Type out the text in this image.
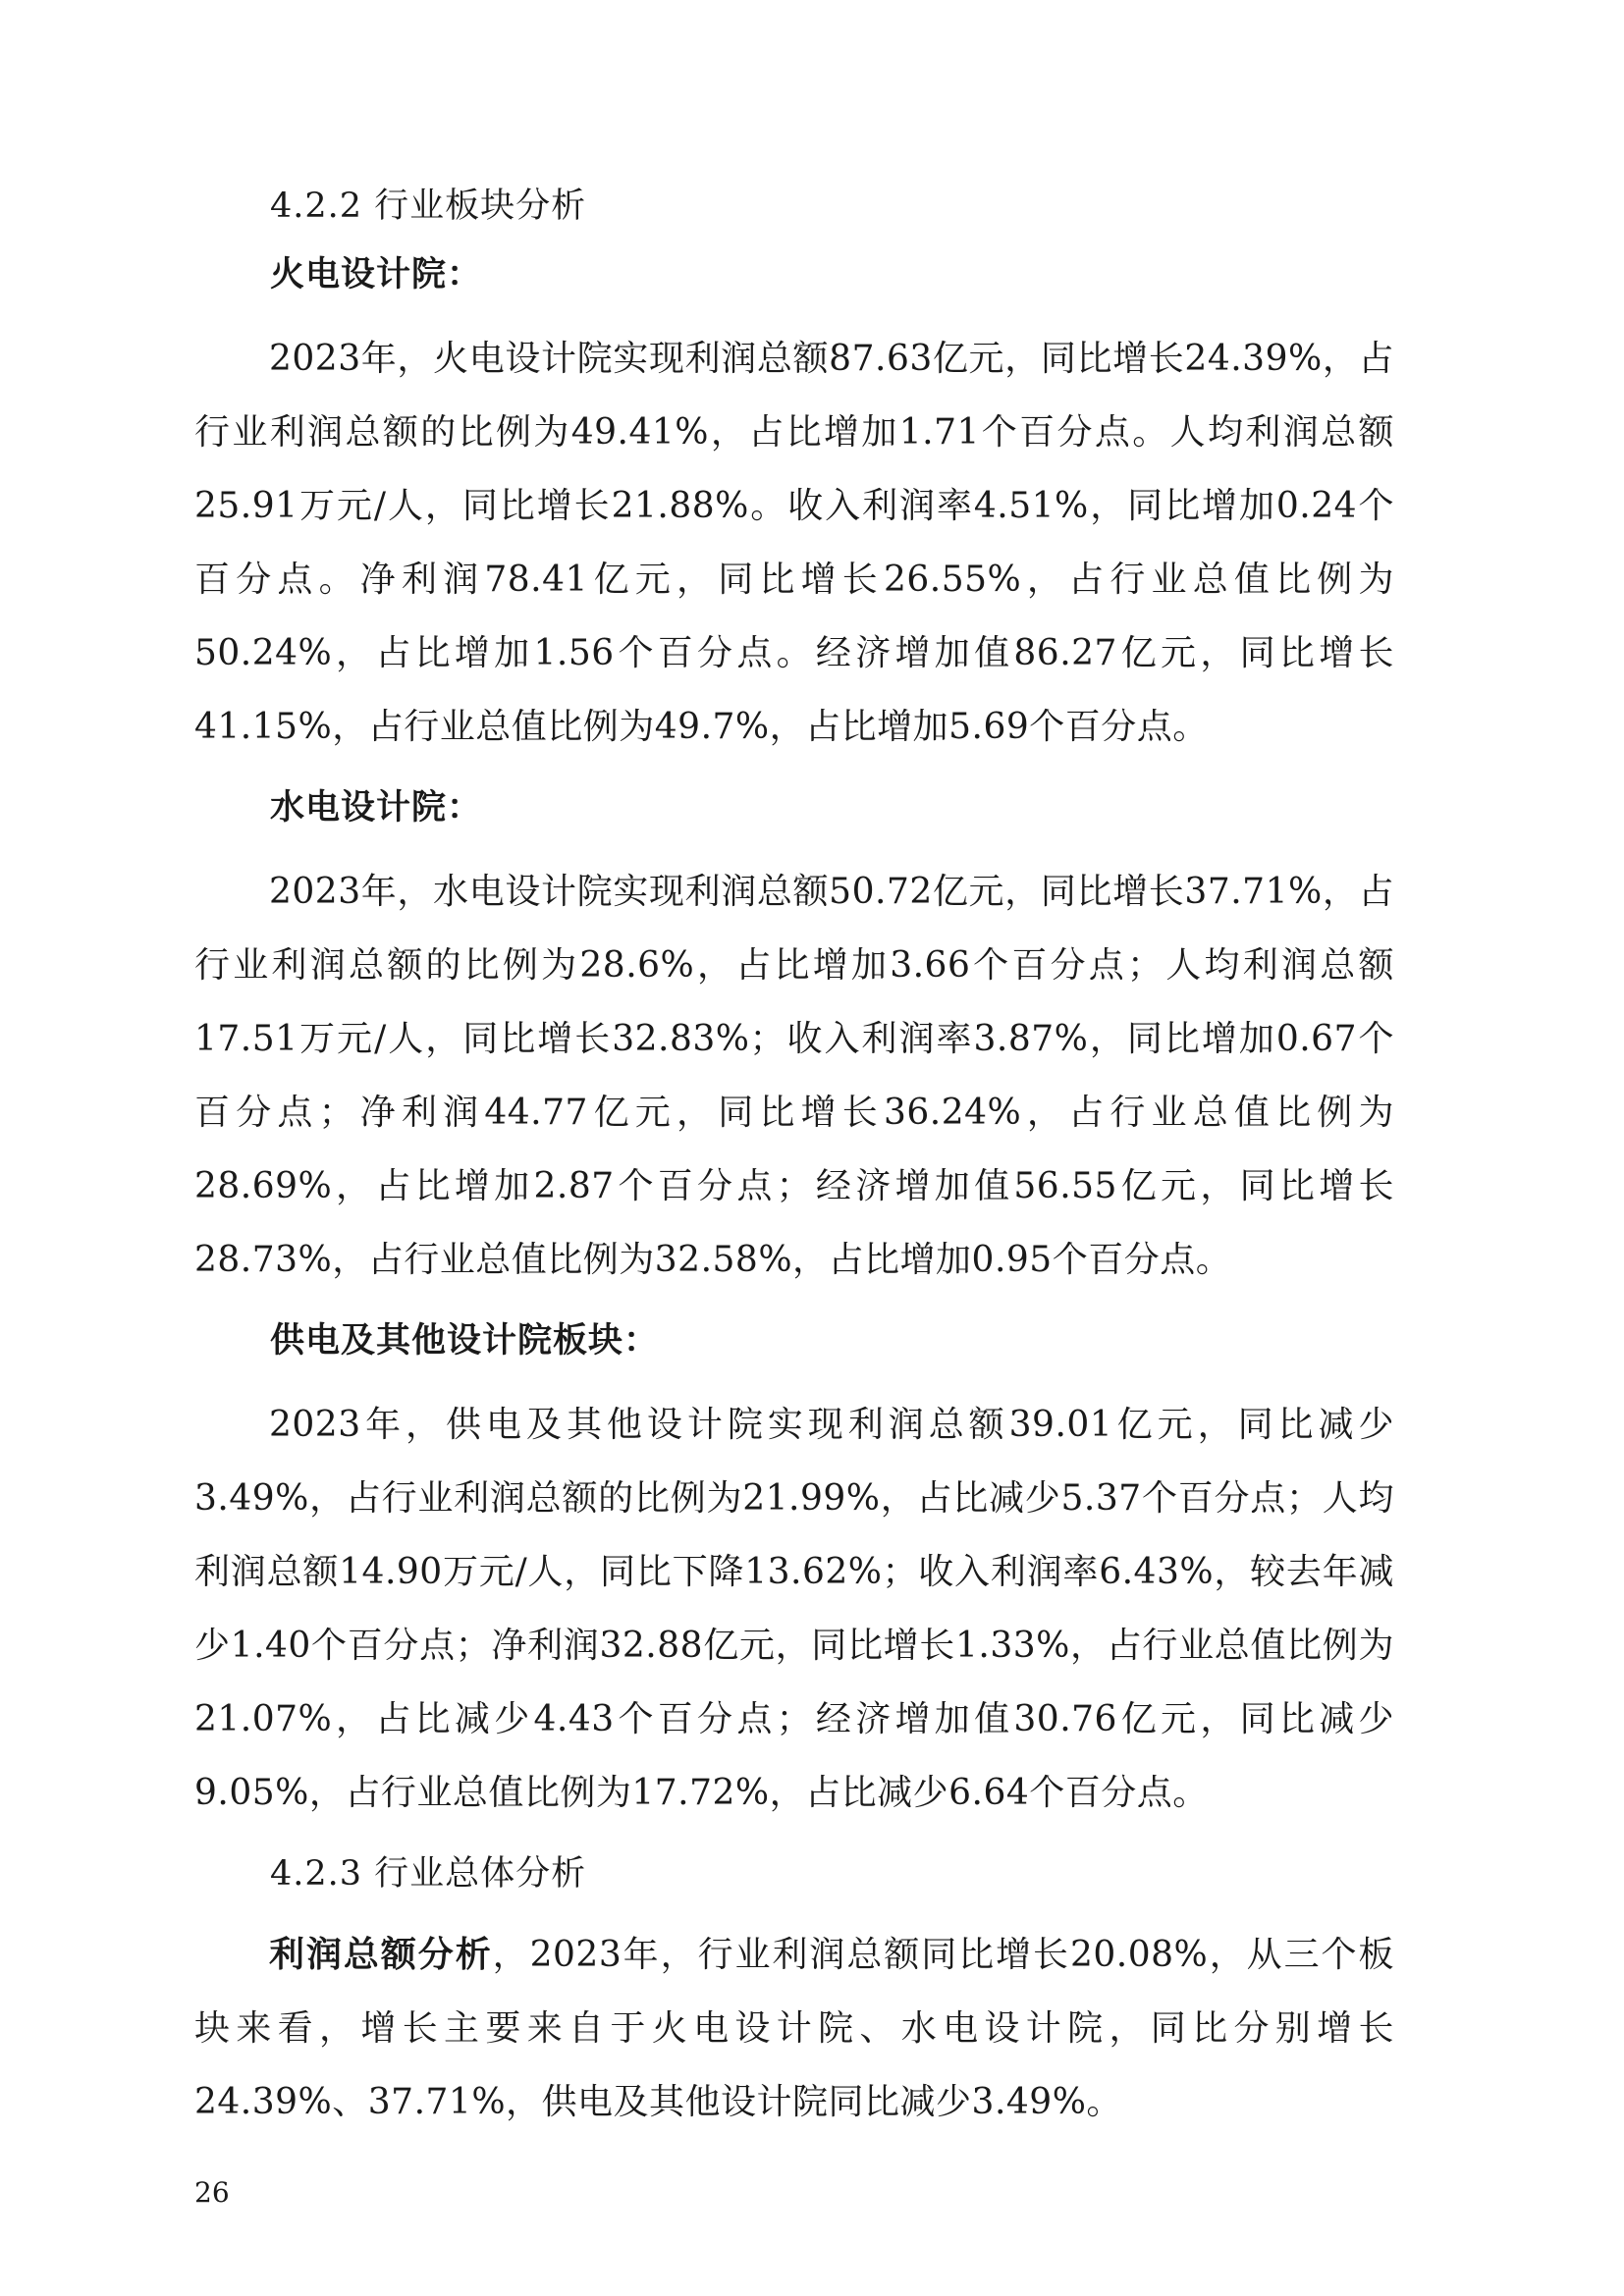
4.2.2 行业板块分析
火电设计院：

2023年，火电设计院实现利润总额87.63亿元，同比增长24.39%，占行业利润总额的比例为49.41%，占比增加1.71个百分点。人均利润总额25.91万元/人，同比增长21.88%。收入利润率4.51%，同比增加0.24个百分点。净利润78.41亿元，同比增长26.55%，占行业总值比例为50.24%，占比增加1.56个百分点。经济增加值86.27亿元，同比增长41.15%，占行业总值比例为49.7%，占比增加5.69个百分点。

水电设计院：

2023年，水电设计院实现利润总额50.72亿元，同比增长37.71%，占行业利润总额的比例为28.6%，占比增加3.66个百分点；人均利润总额17.51万元/人，同比增长32.83%；收入利润率3.87%，同比增加0.67个百分点；净利润44.77亿元，同比增长36.24%，占行业总值比例为28.69%，占比增加2.87个百分点；经济增加值56.55亿元，同比增长28.73%，占行业总值比例为32.58%，占比增加0.95个百分点。

供电及其他设计院板块：

2023年，供电及其他设计院实现利润总额39.01亿元，同比减少3.49%，占行业利润总额的比例为21.99%，占比减少5.37个百分点；人均利润总额14.90万元/人，同比下降13.62%；收入利润率6.43%，较去年减少1.40个百分点；净利润32.88亿元，同比增长1.33%，占行业总值比例为21.07%，占比减少4.43个百分点；经济增加值30.76亿元，同比减少9.05%，占行业总值比例为17.72%，占比减少6.64个百分点。

4.2.3 行业总体分析

利润总额分析，2023年，行业利润总额同比增长20.08%，从三个板块来看，增长主要来自于火电设计院、水电设计院，同比分别增长24.39%、37.71%，供电及其他设计院同比减少3.49%。

26
